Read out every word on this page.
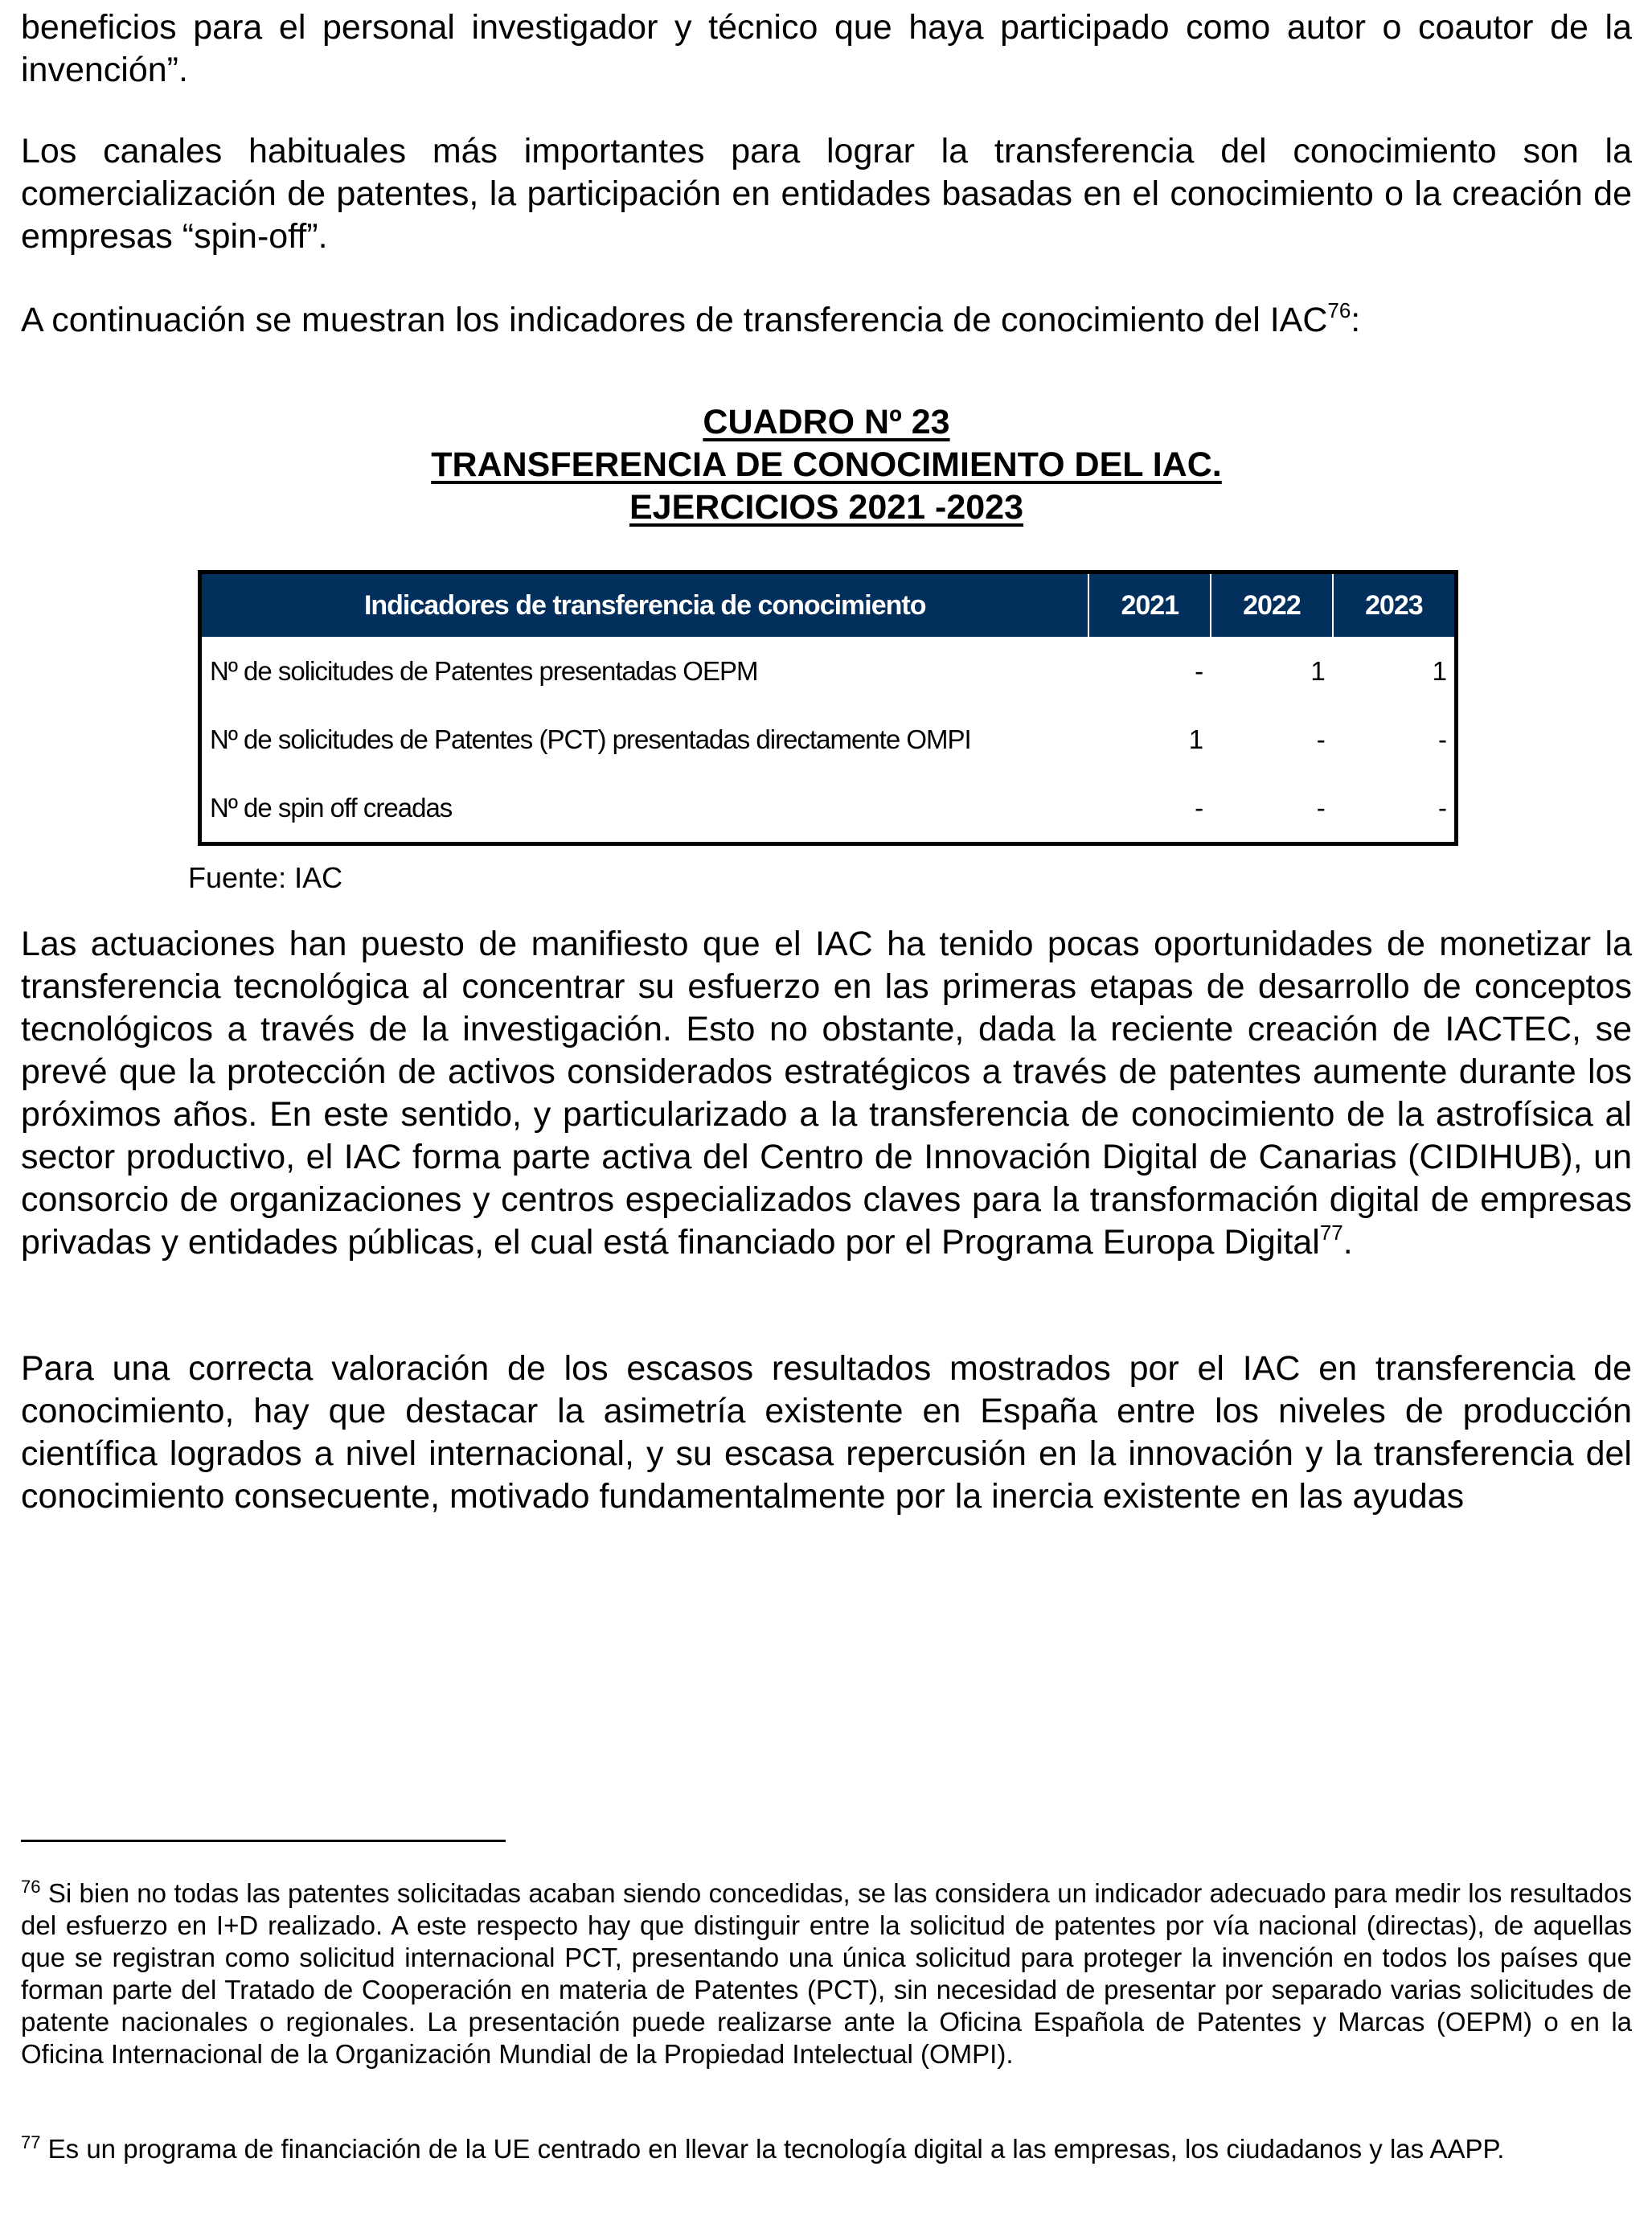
beneficios para el personal investigador y técnico que haya participado como autor o coautor de la invención”.

Los canales habituales más importantes para lograr la transferencia del conocimiento son la comercialización de patentes, la participación en entidades basadas en el conocimiento o la creación de empresas “spin-off”.

A continuación se muestran los indicadores de transferencia de conocimiento del IAC$^{76}$:

CUADRO Nº 23
TRANSFERENCIA DE CONOCIMIENTO DEL IAC.
EJERCICIOS 2021 -2023
Indicadores de transferencia de conocimiento	2021	2022	2023
Nº de solicitudes de Patentes presentadas OEPM	-	1	1
Nº de solicitudes de Patentes (PCT) presentadas directamente OMPI	1	-	-
Nº de spin off creadas	-	-	-
Fuente: IAC

Las actuaciones han puesto de manifiesto que el IAC ha tenido pocas oportunidades de monetizar la transferencia tecnológica al concentrar su esfuerzo en las primeras etapas de desarrollo de conceptos tecnológicos a través de la investigación. Esto no obstante, dada la reciente creación de IACTEC, se prevé que la protección de activos considerados estratégicos a través de patentes aumente durante los próximos años. En este sentido, y particularizado a la transferencia de conocimiento de la astrofísica al sector productivo, el IAC forma parte activa del Centro de Innovación Digital de Canarias (CIDIHUB), un consorcio de organizaciones y centros especializados claves para la transformación digital de empresas privadas y entidades públicas, el cual está financiado por el Programa Europa Digital$^{77}$.

Para una correcta valoración de los escasos resultados mostrados por el IAC en transferencia de conocimiento, hay que destacar la asimetría existente en España entre los niveles de producción científica logrados a nivel internacional, y su escasa repercusión en la innovación y la transferencia del conocimiento consecuente, motivado fundamentalmente por la inercia existente en las ayudas

$^{76}$ Si bien no todas las patentes solicitadas acaban siendo concedidas, se las considera un indicador adecuado para medir los resultados del esfuerzo en I+D realizado. A este respecto hay que distinguir entre la solicitud de patentes por vía nacional (directas), de aquellas que se registran como solicitud internacional PCT, presentando una única solicitud para proteger la invención en todos los países que forman parte del Tratado de Cooperación en materia de Patentes (PCT), sin necesidad de presentar por separado varias solicitudes de patente nacionales o regionales. La presentación puede realizarse ante la Oficina Española de Patentes y Marcas (OEPM) o en la Oficina Internacional de la Organización Mundial de la Propiedad Intelectual (OMPI).

$^{77}$ Es un programa de financiación de la UE centrado en llevar la tecnología digital a las empresas, los ciudadanos y las AAPP.
